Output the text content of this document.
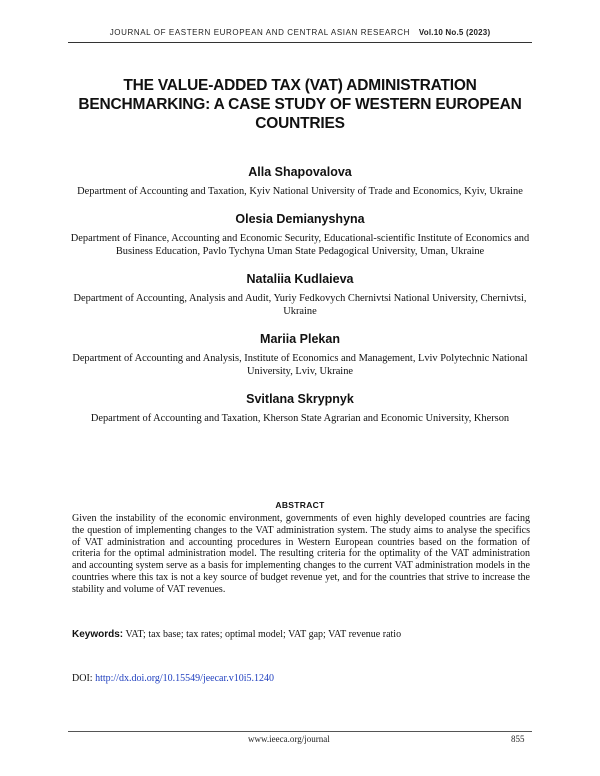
JOURNAL OF EASTERN EUROPEAN AND CENTRAL ASIAN RESEARCH Vol.10 No.5 (2023)
THE VALUE-ADDED TAX (VAT) ADMINISTRATION BENCHMARKING: A CASE STUDY OF WESTERN EUROPEAN COUNTRIES
Alla Shapovalova
Department of Accounting and Taxation, Kyiv National University of Trade and Economics, Kyiv, Ukraine
Olesia Demianyshyna
Department of Finance, Accounting and Economic Security, Educational-scientific Institute of Economics and Business Education, Pavlo Tychyna Uman State Pedagogical University, Uman, Ukraine
Nataliia Kudlaieva
Department of Accounting, Analysis and Audit, Yuriy Fedkovych Chernivtsi National University, Chernivtsi, Ukraine
Mariia Plekan
Department of Accounting and Analysis, Institute of Economics and Management, Lviv Polytechnic National University, Lviv, Ukraine
Svitlana Skrypnyk
Department of Accounting and Taxation, Kherson State Agrarian and Economic University, Kherson
ABSTRACT
Given the instability of the economic environment, governments of even highly developed countries are facing the question of implementing changes to the VAT administration system. The study aims to analyse the specifics of VAT administration and accounting procedures in Western European countries based on the formation of criteria for the optimal administration model. The resulting criteria for the optimality of the VAT administration and accounting system serve as a basis for implementing changes to the current VAT administration models in the countries where this tax is not a key source of budget revenue yet, and for the countries that strive to increase the stability and volume of VAT revenues.
Keywords: VAT; tax base; tax rates; optimal model; VAT gap; VAT revenue ratio
DOI: http://dx.doi.org/10.15549/jeecar.v10i5.1240
www.ieeca.org/journal	855
